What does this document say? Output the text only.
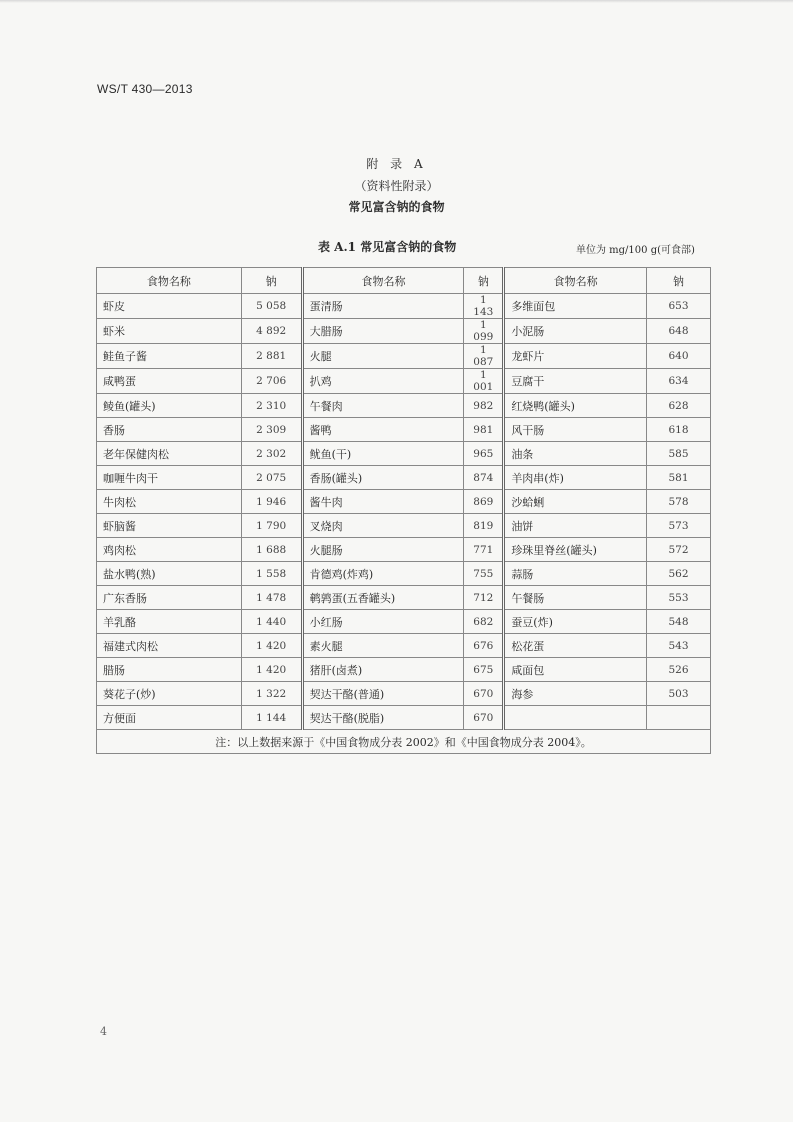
WS/T 430—2013
附 录 A
（资料性附录）
常见富含钠的食物
表 A.1 常见富含钠的食物	单位为 mg/100 g(可食部)
食物名称	钠	食物名称	钠	食物名称	钠
虾皮	5 058	蛋清肠	1 143	多维面包	653
虾米	4 892	大腊肠	1 099	小泥肠	648
鲑鱼子酱	2 881	火腿	1 087	龙虾片	640
咸鸭蛋	2 706	扒鸡	1 001	豆腐干	634
鲮鱼(罐头)	2 310	午餐肉	982	红烧鸭(罐头)	628
香肠	2 309	酱鸭	981	风干肠	618
老年保健肉松	2 302	鱿鱼(干)	965	油条	585
咖喱牛肉干	2 075	香肠(罐头)	874	羊肉串(炸)	581
牛肉松	1 946	酱牛肉	869	沙蛤蜊	578
虾脑酱	1 790	叉烧肉	819	油饼	573
鸡肉松	1 688	火腿肠	771	珍珠里脊丝(罐头)	572
盐水鸭(熟)	1 558	肯德鸡(炸鸡)	755	蒜肠	562
广东香肠	1 478	鹌鹑蛋(五香罐头)	712	午餐肠	553
羊乳酪	1 440	小红肠	682	蚕豆(炸)	548
福建式肉松	1 420	素火腿	676	松花蛋	543
腊肠	1 420	猪肝(卤煮)	675	咸面包	526
葵花子(炒)	1 322	契达干酪(普通)	670	海参	503
方便面	1 144	契达干酪(脱脂)	670		
注：以上数据来源于《中国食物成分表 2002》和《中国食物成分表 2004》。					
4
